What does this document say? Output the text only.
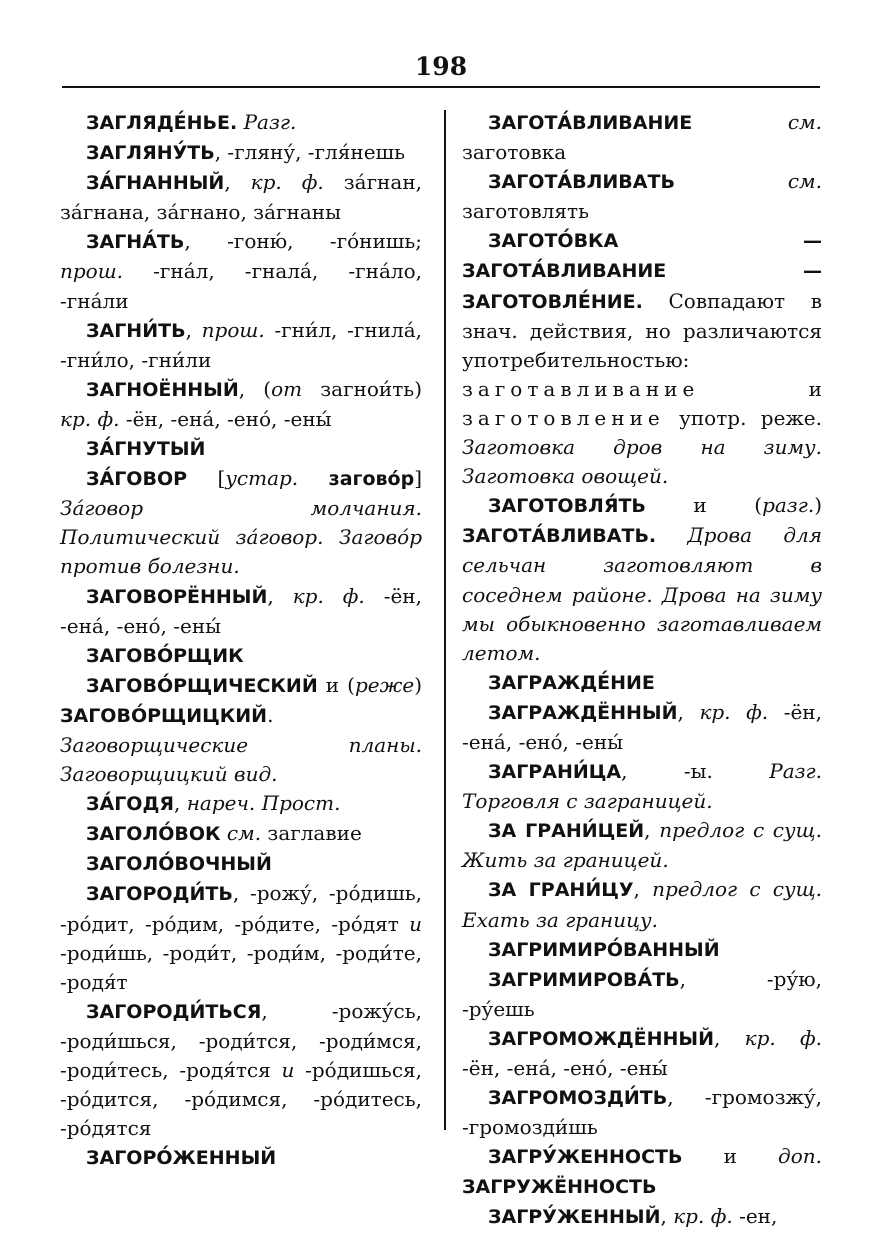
198

ЗАГЛЯДЕ́НЬЕ. Разг.

ЗАГЛЯНУ́ТЬ, -гляну́, -гля́нешь

ЗА́ГНАННЫЙ, кр. ф. за́гнан, за́гнана, за́гнано, за́гнаны

ЗАГНА́ТЬ, -гоню́, -го́нишь; прош. -гна́л, -гнала́, -гна́ло, -гна́ли

ЗАГНИ́ТЬ, прош. -гни́л, -гнила́, -гни́ло, -гни́ли

ЗАГНОЁННЫЙ, (от загнои́ть) кр. ф. -ён, -ена́, -ено́, -ены́

ЗА́ГНУТЫЙ

ЗА́ГОВОР [устар. загово́р] За́говор молчания. Политический за́говор. Загово́р против болезни.

ЗАГОВОРЁННЫЙ, кр. ф. -ён, -ена́, -ено́, -ены́

ЗАГОВО́РЩИК

ЗАГОВО́РЩИЧЕСКИЙ и (реже) ЗАГОВО́РЩИЦКИЙ. Заговорщические планы. Заговорщицкий вид.

ЗА́ГОДЯ, нареч. Прост.

ЗАГОЛО́ВОК см. заглавие

ЗАГОЛО́ВОЧНЫЙ

ЗАГОРОДИ́ТЬ, -рожу́, -ро́дишь, -ро́дит, -ро́дим, -ро́дите, -ро́дят и -роди́шь, -роди́т, -роди́м, -роди́те, -родя́т

ЗАГОРОДИ́ТЬСЯ, -рожу́сь, -роди́шься, -роди́тся, -роди́мся, -роди́тесь, -родя́тся и -ро́дишься, -ро́дится, -ро́димся, -ро́дитесь, -ро́дятся

ЗАГОРО́ЖЕННЫЙ

ЗАГОТА́ВЛИВАНИЕ	см. заготовка

ЗАГОТА́ВЛИВАТЬ	см. заготовлять

ЗАГОТО́ВКА — ЗАГОТА́ВЛИВАНИЕ — ЗАГОТОВЛЕ́НИЕ. Совпадают в знач. действия, но различаются употребительностью: заготавливание и заготовление употр. реже. Заготовка дров на зиму. Заготовка овощей.

ЗАГОТОВЛЯ́ТЬ и (разг.) ЗАГОТА́ВЛИВАТЬ. Дрова для сельчан заготовляют в соседнем районе. Дрова на зиму мы обыкновенно заготавливаем летом.

ЗАГРАЖДЕ́НИЕ

ЗАГРАЖДЁННЫЙ, кр. ф. -ён, -ена́, -ено́, -ены́

ЗАГРАНИ́ЦА, -ы. Разг. Торговля с заграницей.

ЗА ГРАНИ́ЦЕЙ, предлог с сущ. Жить за границей.

ЗА ГРАНИ́ЦУ, предлог с сущ. Ехать за границу.

ЗАГРИМИРО́ВАННЫЙ

ЗАГРИМИРОВА́ТЬ, -ру́ю, -ру́ешь

ЗАГРОМОЖДЁННЫЙ, кр. ф. -ён, -ена́, -ено́, -ены́

ЗАГРОМОЗДИ́ТЬ, -громозжу́, -громозди́шь

ЗАГРУ́ЖЕННОСТЬ и доп. ЗАГРУЖЁННОСТЬ

ЗАГРУ́ЖЕННЫЙ, кр. ф. -ен,
